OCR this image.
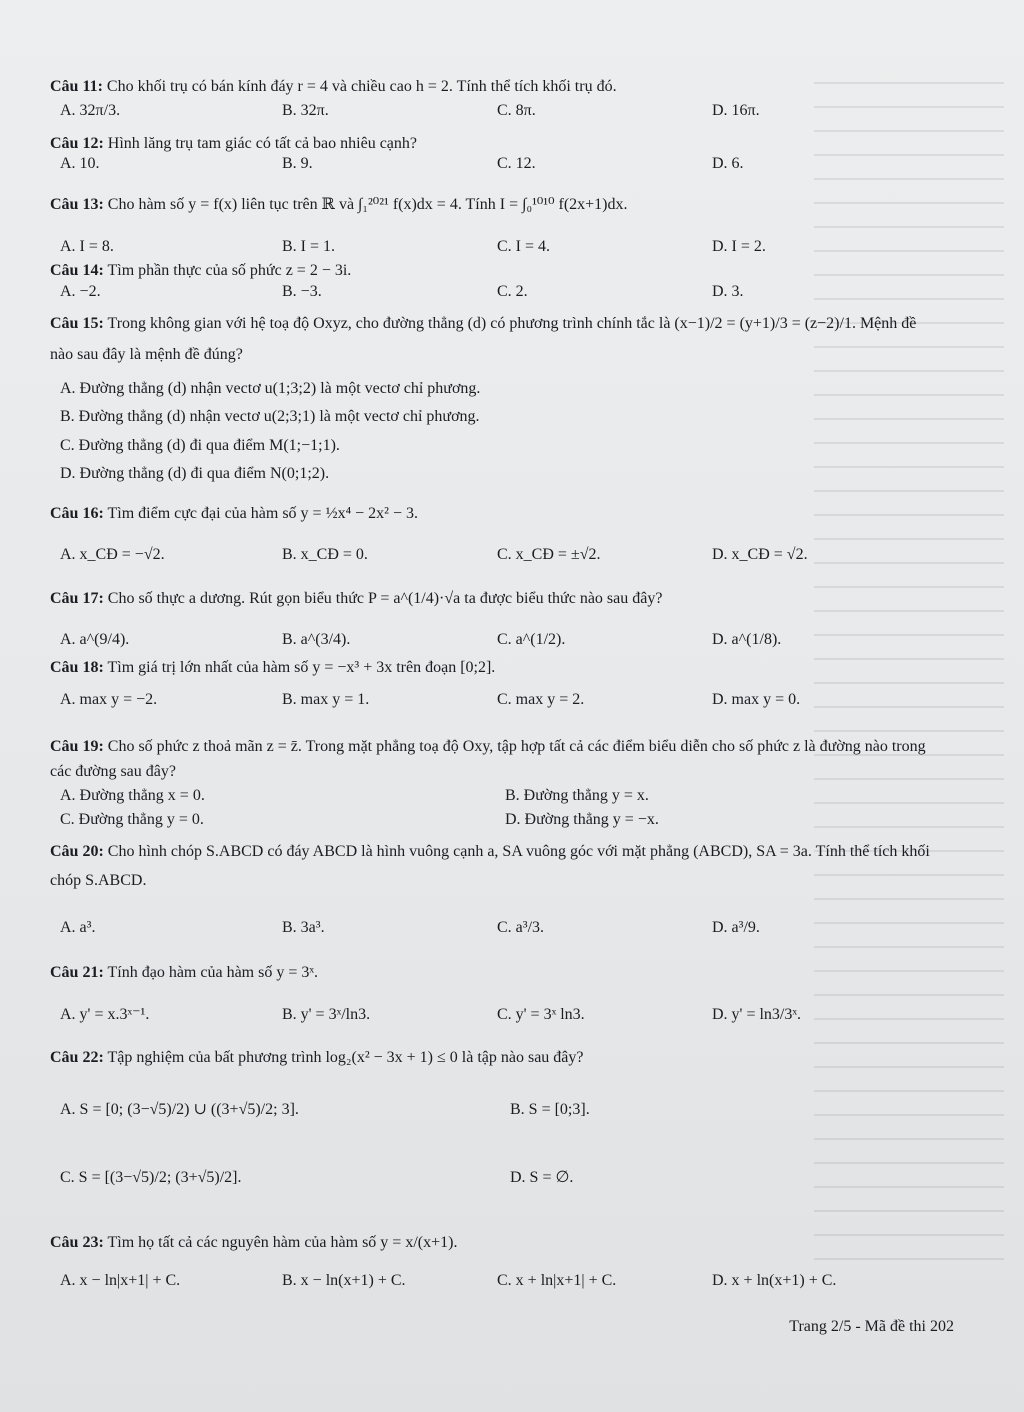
Câu 11: Cho khối trụ có bán kính đáy r = 4 và chiều cao h = 2. Tính thể tích khối trụ đó.
A. 32π/3.	B. 32π.	C. 8π.	D. 16π.
Câu 12: Hình lăng trụ tam giác có tất cả bao nhiêu cạnh?
A. 10.	B. 9.	C. 12.	D. 6.
Câu 13: Cho hàm số y = f(x) liên tục trên ℝ và ∫₁²⁰²¹ f(x)dx = 4. Tính I = ∫₀¹⁰¹⁰ f(2x+1)dx.
A. I = 8.	B. I = 1.	C. I = 4.	D. I = 2.
Câu 14: Tìm phần thực của số phức z = 2 − 3i.
A. −2.	B. −3.	C. 2.	D. 3.
Câu 15: Trong không gian với hệ toạ độ Oxyz, cho đường thẳng (d) có phương trình chính tắc là (x−1)/2 = (y+1)/3 = (z−2)/1. Mệnh đề nào sau đây là mệnh đề đúng?
A. Đường thẳng (d) nhận vectơ u(1;3;2) là một vectơ chỉ phương.
B. Đường thẳng (d) nhận vectơ u(2;3;1) là một vectơ chỉ phương.
C. Đường thẳng (d) đi qua điểm M(1;−1;1).
D. Đường thẳng (d) đi qua điểm N(0;1;2).
Câu 16: Tìm điểm cực đại của hàm số y = ½x⁴ − 2x² − 3.
A. x_CĐ = −√2.	B. x_CĐ = 0.	C. x_CĐ = ±√2.	D. x_CĐ = √2.
Câu 17: Cho số thực a dương. Rút gọn biểu thức P = a^(1/4)·√a ta được biểu thức nào sau đây?
A. a^(9/4).	B. a^(3/4).	C. a^(1/2).	D. a^(1/8).
Câu 18: Tìm giá trị lớn nhất của hàm số y = −x³ + 3x trên đoạn [0;2].
A. max y = −2.	B. max y = 1.	C. max y = 2.	D. max y = 0.
Câu 19: Cho số phức z thoả mãn z = z̄. Trong mặt phẳng toạ độ Oxy, tập hợp tất cả các điểm biểu diễn cho số phức z là đường nào trong các đường sau đây?
A. Đường thẳng x = 0.	B. Đường thẳng y = x.
C. Đường thẳng y = 0.	D. Đường thẳng y = −x.
Câu 20: Cho hình chóp S.ABCD có đáy ABCD là hình vuông cạnh a, SA vuông góc với mặt phẳng (ABCD), SA = 3a. Tính thể tích khối chóp S.ABCD.
A. a³.	B. 3a³.	C. a³/3.	D. a³/9.
Câu 21: Tính đạo hàm của hàm số y = 3ˣ.
A. y' = x.3ˣ⁻¹.	B. y' = 3ˣ/ln3.	C. y' = 3ˣ ln3.	D. y' = ln3/3ˣ.
Câu 22: Tập nghiệm của bất phương trình log₂(x² − 3x + 1) ≤ 0 là tập nào sau đây?
A. S = [0; (3−√5)/2) ∪ ((3+√5)/2; 3].	B. S = [0;3].
C. S = [(3−√5)/2; (3+√5)/2].	D. S = ∅.
Câu 23: Tìm họ tất cả các nguyên hàm của hàm số y = x/(x+1).
A. x − ln|x+1| + C.	B. x − ln(x+1) + C.	C. x + ln|x+1| + C.	D. x + ln(x+1) + C.
Trang 2/5 - Mã đề thi 202
